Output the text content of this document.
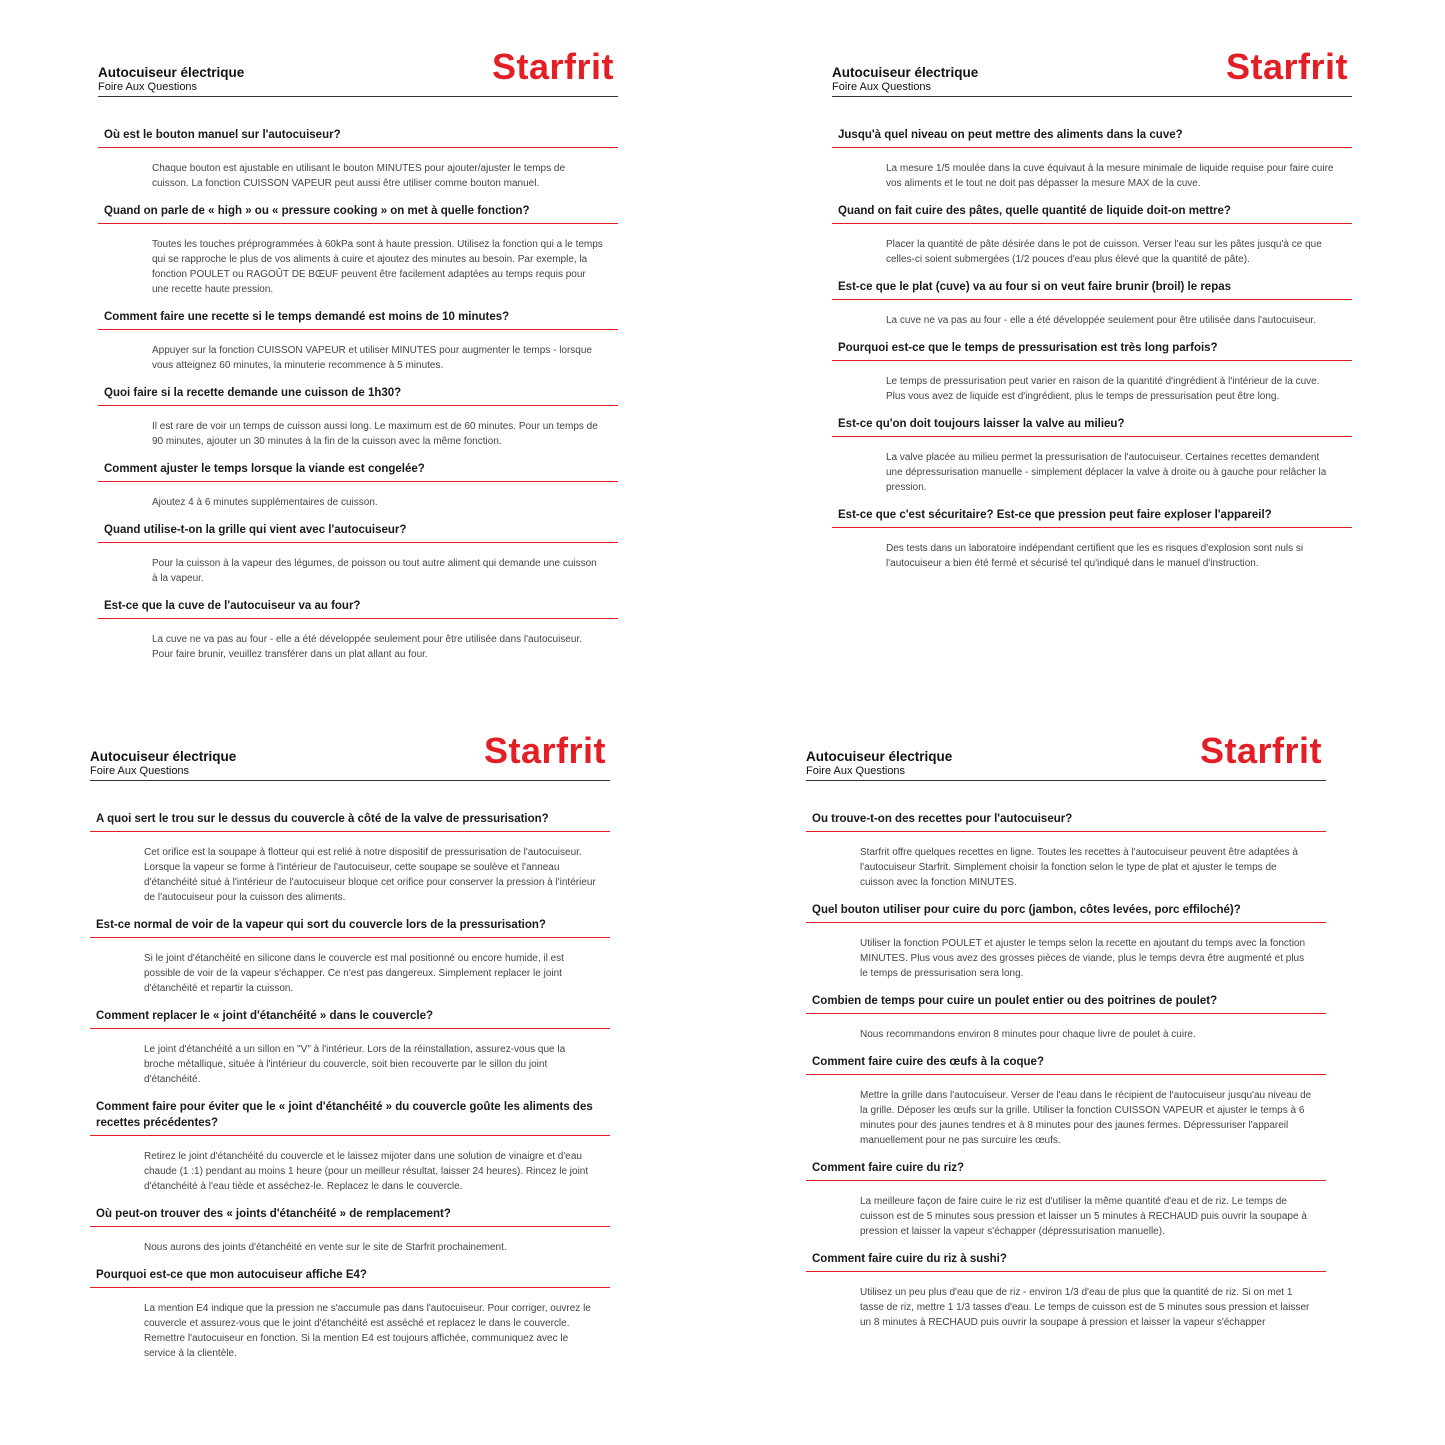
Autocuiseur électrique
Foire Aux Questions	Starfrit
Où est le bouton manuel sur l'autocuiseur?
Chaque bouton est ajustable en utilisant le bouton MINUTES pour ajouter/ajuster le temps de cuisson. La fonction CUISSON VAPEUR peut aussi être utiliser comme bouton manuel.
Quand on parle de « high » ou « pressure cooking » on met à quelle fonction?
Toutes les touches préprogrammées à 60kPa sont à haute pression. Utilisez la fonction qui a le temps qui se rapproche le plus de vos aliments à cuire et ajoutez des minutes au besoin. Par exemple, la fonction POULET ou RAGOÛT DE BŒUF peuvent être facilement adaptées au temps requis pour une recette haute pression.
Comment faire une recette si le temps demandé est moins de 10 minutes?
Appuyer sur la fonction CUISSON VAPEUR et utiliser MINUTES pour augmenter le temps - lorsque vous atteignez 60 minutes, la minuterie recommence à 5 minutes.
Quoi faire si la recette demande une cuisson de 1h30?
Il est rare de voir un temps de cuisson aussi long. Le maximum est de 60 minutes. Pour un temps de 90 minutes, ajouter un 30 minutes à la fin de la cuisson avec la même fonction.
Comment ajuster le temps lorsque la viande est congelée?
Ajoutez 4 à 6 minutes supplémentaires de cuisson.
Quand utilise-t-on la grille qui vient avec l'autocuiseur?
Pour la cuisson à la vapeur des légumes, de poisson ou tout autre aliment qui demande une cuisson à la vapeur.
Est-ce que la cuve de l'autocuiseur va au four?
La cuve ne va pas au four - elle a été développée seulement pour être utilisée dans l'autocuiseur. Pour faire brunir, veuillez transférer dans un plat allant au four.
Autocuiseur électrique
Foire Aux Questions	Starfrit
Jusqu'à quel niveau on peut mettre des aliments dans la cuve?
La mesure 1/5 moulée dans la cuve équivaut à la mesure minimale de liquide requise pour faire cuire vos aliments et le tout ne doit pas dépasser la mesure MAX de la cuve.
Quand on fait cuire des pâtes, quelle quantité de liquide doit-on mettre?
Placer la quantité de pâte désirée dans le pot de cuisson. Verser l'eau sur les pâtes jusqu'à ce que celles-ci soient submergées (1/2 pouces d'eau plus élevé que la quantité de pâte).
Est-ce que le plat (cuve) va au four si on veut faire brunir (broil) le repas
La cuve ne va pas au four - elle a été développée seulement pour être utilisée dans l'autocuiseur.
Pourquoi est-ce que le temps de pressurisation est très long parfois?
Le temps de pressurisation peut varier en raison de la quantité d'ingrédient à l'intérieur de la cuve. Plus vous avez de liquide est d'ingrédient, plus le temps de pressurisation peut être long.
Est-ce qu'on doit toujours laisser la valve au milieu?
La valve placée au milieu permet la pressurisation de l'autocuiseur. Certaines recettes demandent une dépressurisation manuelle - simplement déplacer la valve à droite ou à gauche pour relâcher la pression.
Est-ce que c'est sécuritaire? Est-ce que pression peut faire exploser l'appareil?
Des tests dans un laboratoire indépendant certifient que les es risques d'explosion sont nuls si l'autocuiseur a bien été fermé et sécurisé tel qu'indiqué dans le manuel d'instruction.
Autocuiseur électrique
Foire Aux Questions	Starfrit
A quoi sert le trou sur le dessus du couvercle à côté de la valve de pressurisation?
Cet orifice est la soupape à flotteur qui est relié à notre dispositif de pressurisation de l'autocuiseur. Lorsque la vapeur se forme à l'intérieur de l'autocuiseur, cette soupape se soulève et l'anneau d'étanchéité situé à l'intérieur de l'autocuiseur bloque cet orifice pour conserver la pression à l'intérieur de l'autocuiseur pour la cuisson des aliments.
Est-ce normal de voir de la vapeur qui sort du couvercle lors de la pressurisation?
Si le joint d'étanchéité en silicone dans le couvercle est mal positionné ou encore humide, il est possible de voir de la vapeur s'échapper. Ce n'est pas dangereux. Simplement replacer le joint d'étanchéité et repartir la cuisson.
Comment replacer le « joint d'étanchéité » dans le couvercle?
Le joint d'étanchéité a un sillon en "V" à l'intérieur. Lors de la réinstallation, assurez-vous que la broche métallique, située à l'intérieur du couvercle, soit bien recouverte par le sillon du joint d'étanchéité.
Comment faire pour éviter que le « joint d'étanchéité » du couvercle goûte les aliments des recettes précédentes?
Retirez le joint d'étanchéité du couvercle et le laissez mijoter dans une solution de vinaigre et d'eau chaude (1 :1) pendant au moins 1 heure (pour un meilleur résultat, laisser 24 heures). Rincez le joint d'étanchéité à l'eau tiède et asséchez-le. Replacez le dans le couvercle.
Où peut-on trouver des « joints d'étanchéité » de remplacement?
Nous aurons des joints d'étanchéité en vente sur le site de Starfrit prochainement.
Pourquoi est-ce que mon autocuiseur affiche E4?
La mention E4 indique que la pression ne s'accumule pas dans l'autocuiseur. Pour corriger, ouvrez le couvercle et assurez-vous que le joint d'étanchéité est asséché et replacez le dans le couvercle. Remettre l'autocuiseur en fonction. Si la mention E4 est toujours affichée, communiquez avec le service à la clientèle.
Autocuiseur électrique
Foire Aux Questions	Starfrit
Ou trouve-t-on des recettes pour l'autocuiseur?
Starfrit offre quelques recettes en ligne. Toutes les recettes à l'autocuiseur peuvent être adaptées à l'autocuiseur Starfrit. Simplement choisir la fonction selon le type de plat et ajuster le temps de cuisson avec la fonction MINUTES.
Quel bouton utiliser pour cuire du porc (jambon, côtes levées, porc effiloché)?
Utiliser la fonction POULET et ajuster le temps selon la recette en ajoutant du temps avec la fonction MINUTES. Plus vous avez des grosses pièces de viande, plus le temps devra être augmenté et plus le temps de pressurisation sera long.
Combien de temps pour cuire un poulet entier ou des poitrines de poulet?
Nous recommandons environ 8 minutes pour chaque livre de poulet à cuire.
Comment faire cuire des œufs à la coque?
Mettre la grille dans l'autocuiseur. Verser de l'eau dans le récipient de l'autocuiseur jusqu'au niveau de la grille. Déposer les œufs sur la grille. Utiliser la fonction CUISSON VAPEUR et ajuster le temps à 6 minutes pour des jaunes tendres et à 8 minutes pour des jaunes fermes. Dépressuriser l'appareil manuellement pour ne pas surcuire les œufs.
Comment faire cuire du riz?
La meilleure façon de faire cuire le riz est d'utiliser la même quantité d'eau et de riz. Le temps de cuisson est de 5 minutes sous pression et laisser un 5 minutes à RECHAUD puis ouvrir la soupape à pression et laisser la vapeur s'échapper (dépressurisation manuelle).
Comment faire cuire du riz à sushi?
Utilisez un peu plus d'eau que de riz - environ 1/3 d'eau de plus que la quantité de riz. Si on met 1 tasse de riz, mettre 1 1/3 tasses d'eau. Le temps de cuisson est de 5 minutes sous pression et laisser un 8 minutes à RECHAUD puis ouvrir la soupape à pression et laisser la vapeur s'échapper
